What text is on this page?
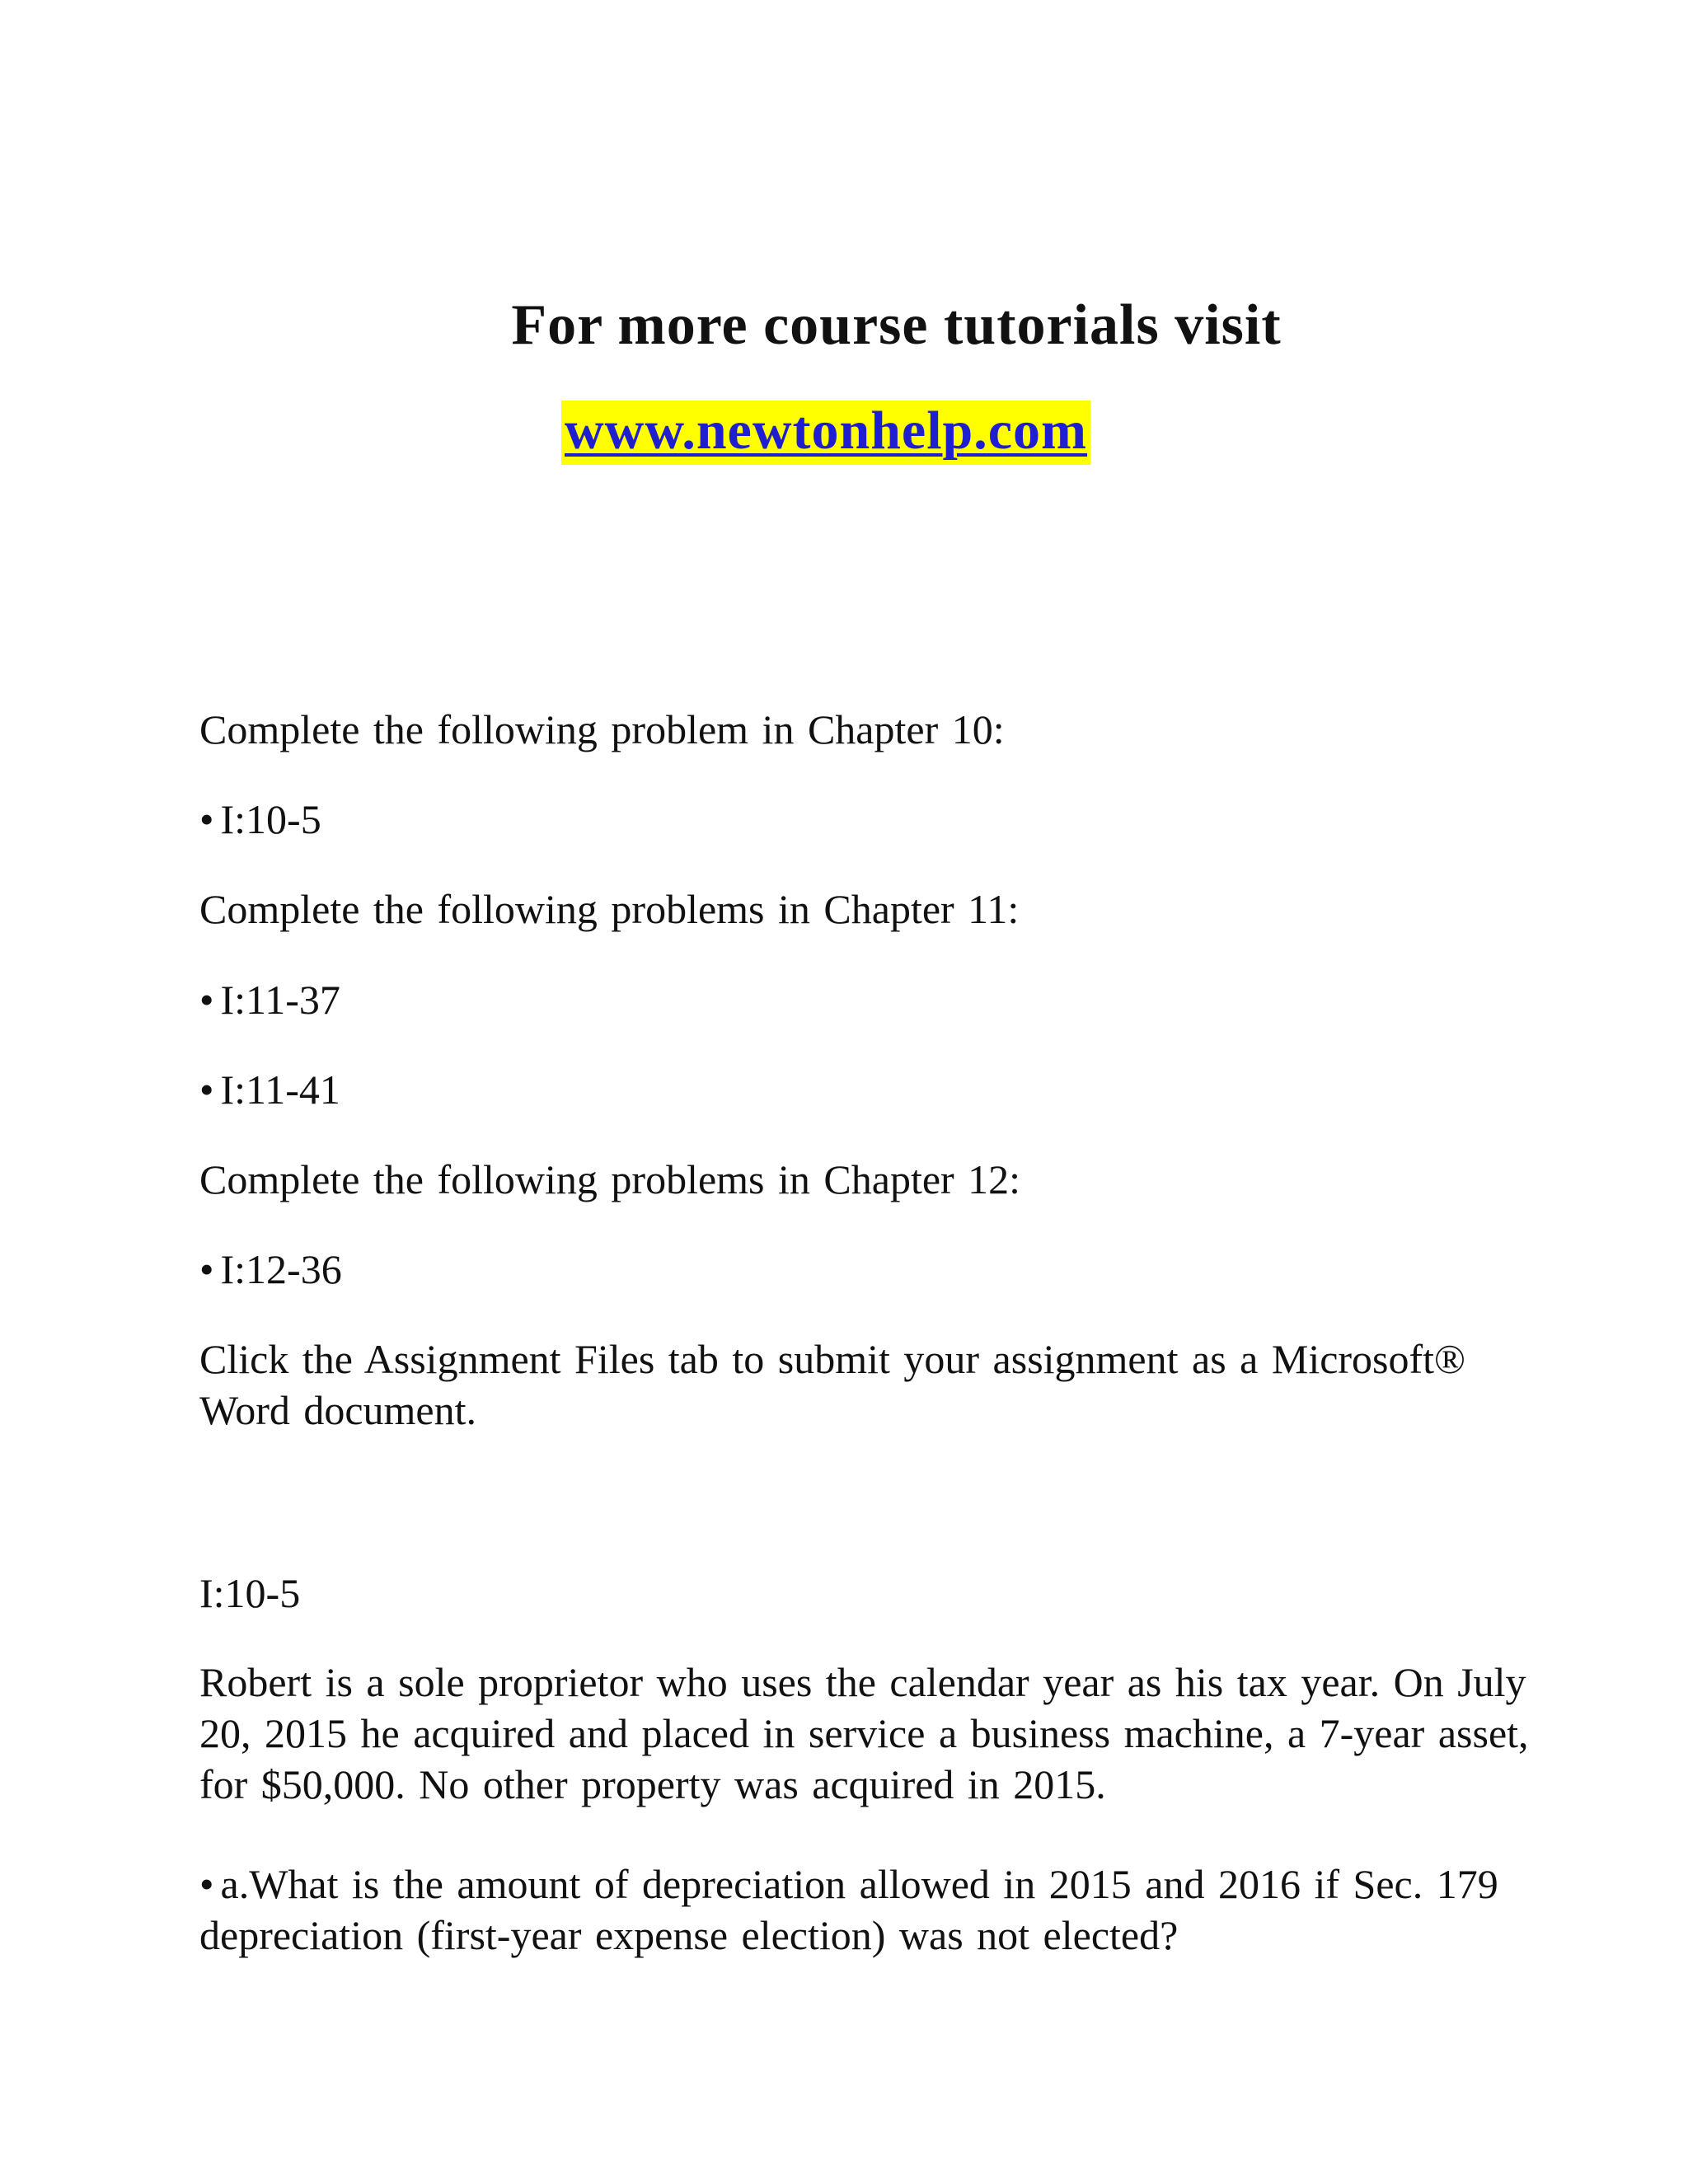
For more course tutorials visit
www.newtonhelp.com
Complete the following problem in Chapter 10:
• I:10-5
Complete the following problems in Chapter 11:
• I:11-37
• I:11-41
Complete the following problems in Chapter 12:
• I:12-36
Click the Assignment Files tab to submit your assignment as a Microsoft® Word document.
I:10-5
Robert is a sole proprietor who uses the calendar year as his tax year. On July 20, 2015 he acquired and placed in service a business machine, a 7-year asset, for $50,000. No other property was acquired in 2015.
• a.What is the amount of depreciation allowed in 2015 and 2016 if Sec. 179 depreciation (first-year expense election) was not elected?
